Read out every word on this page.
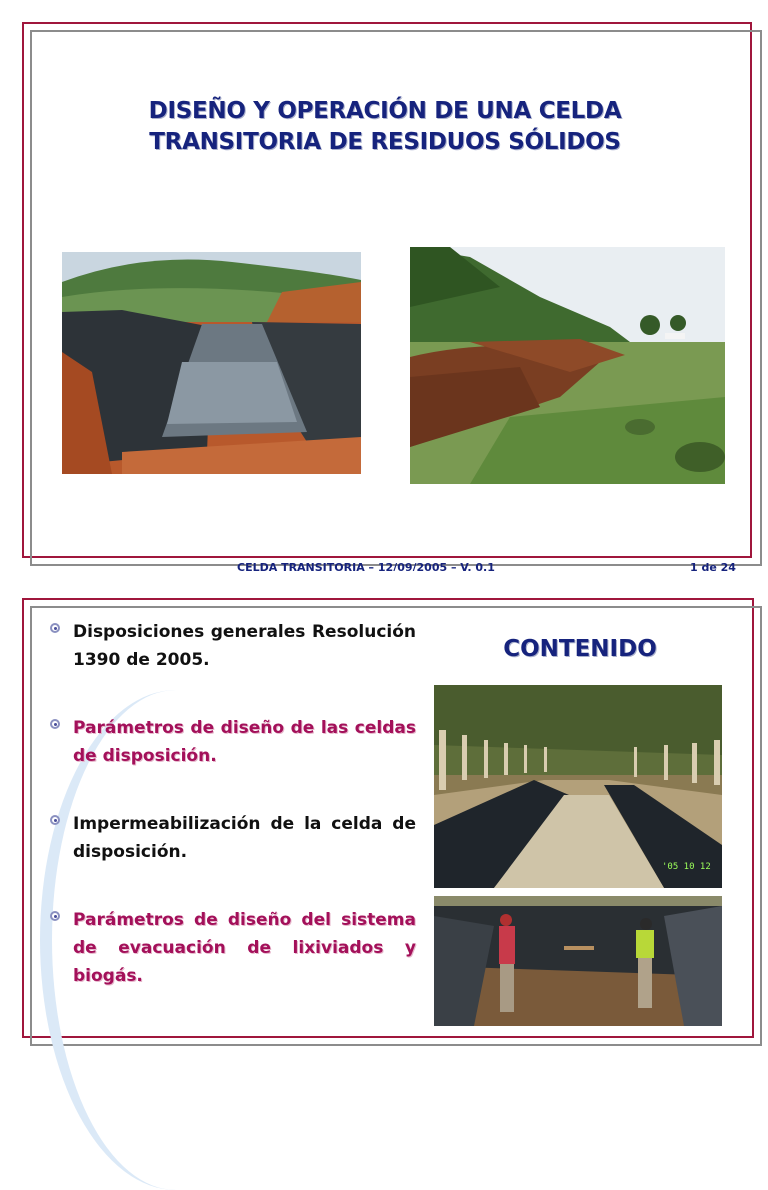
DISEÑO Y OPERACIÓN DE UNA CELDA
TRANSITORIA DE RESIDUOS SÓLIDOS
CELDA TRANSITORIA – 12/09/2005 – V. 0.1	1 de 24
Disposiciones generales Resolución 1390 de 2005.
Parámetros de diseño de las celdas de disposición.
Impermeabilización de la celda de disposición.
Parámetros de diseño del sistema de evacuación de lixiviados y biogás.
CONTENIDO
'05 10 12
